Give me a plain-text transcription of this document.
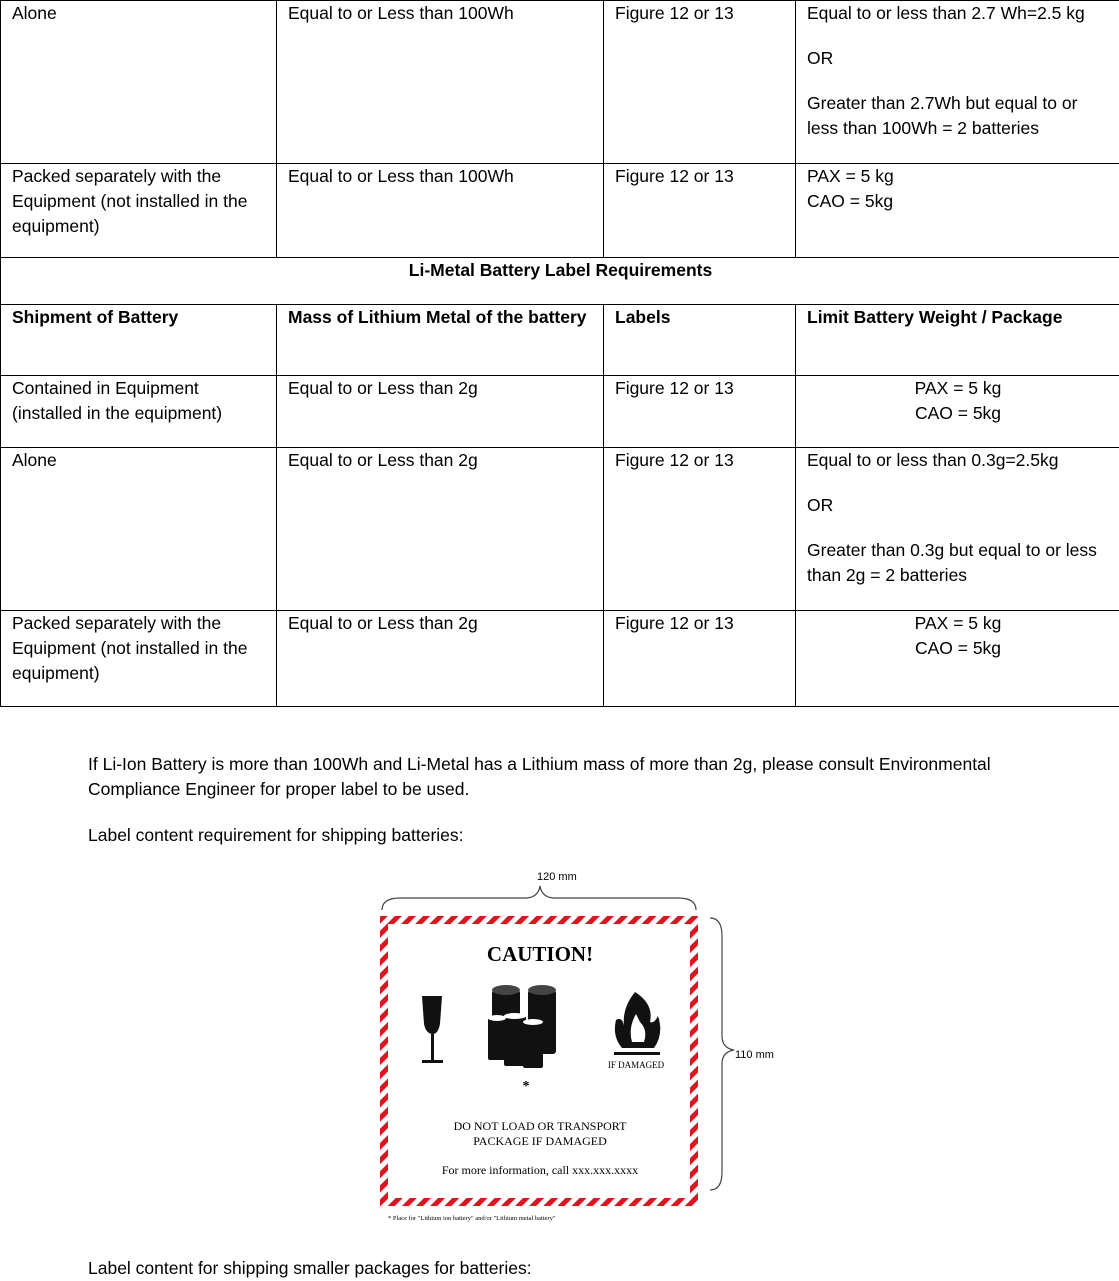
Alone	Equal to or Less than 100Wh	Figure 12 or 13	Equal to or less than 2.7 Wh=2.5 kg

OR

Greater than 2.7Wh but equal to or less than 100Wh = 2 batteries

Packed separately with the Equipment (not installed in the equipment)	Equal to or Less than 100Wh	Figure 12 or 13	PAX = 5 kg
CAO = 5kg

Li-Metal Battery Label Requirements			
Shipment of Battery	Mass of Lithium Metal of the battery	Labels	Limit Battery Weight / Package
Contained in Equipment (installed in the equipment)	Equal to or Less than 2g	Figure 12 or 13	PAX = 5 kg
CAO = 5kg

Alone	Equal to or Less than 2g	Figure 12 or 13	Equal to or less than 0.3g=2.5kg

OR

Greater than 0.3g but equal to or less than 2g = 2 batteries

Packed separately with the Equipment (not installed in the equipment)	Equal to or Less than 2g	Figure 12 or 13	PAX = 5 kg
CAO = 5kg

If Li-Ion Battery is more than 100Wh and Li-Metal has a Lithium mass of more than 2g, please consult Environmental Compliance Engineer for proper label to be used.

Label content requirement for shipping batteries:

120 mm
110 mm
CAUTION!
IF DAMAGED
*
DO NOT LOAD OR TRANSPORT
PACKAGE IF DAMAGED
For more information, call xxx.xxx.xxxx
* Place for "Lithium ion battery" and/or "Lithium metal battery"

Label content for shipping smaller packages for batteries:
